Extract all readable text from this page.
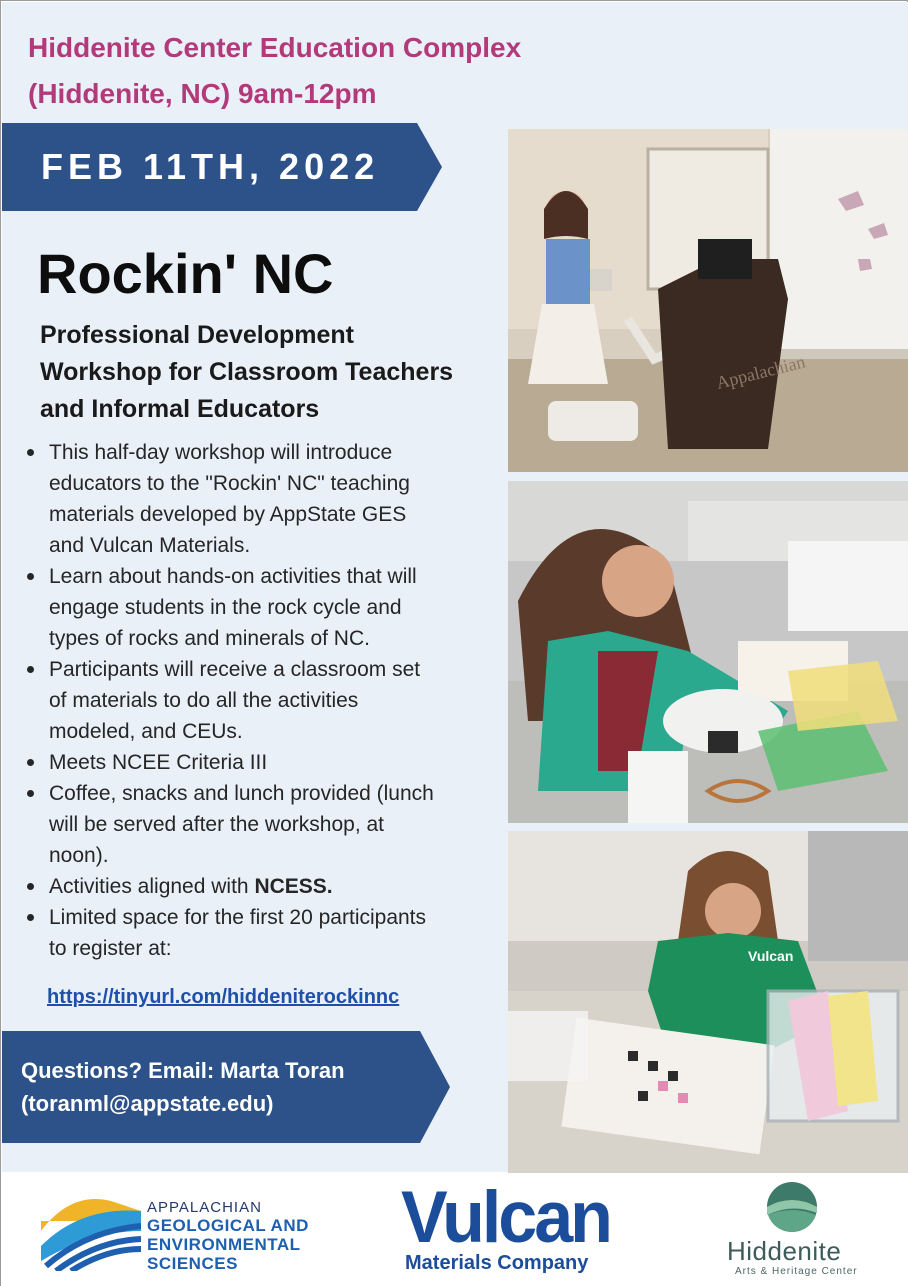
Hiddenite Center Education Complex
(Hiddenite, NC) 9am-12pm
FEB 11TH, 2022
Rockin' NC
Professional Development
Workshop for Classroom Teachers
and Informal Educators
This half-day workshop will introduce
educators to the "Rockin' NC" teaching
materials developed by AppState GES
and Vulcan Materials.
Learn about hands-on activities that will
engage students in the rock cycle and
types of rocks and minerals of NC.
Participants will receive a classroom set
of materials to do all the activities
modeled, and CEUs.
Meets NCEE Criteria III
Coffee, snacks and lunch provided (lunch
will be served after the workshop, at
noon).
Activities aligned with NCESS.
Limited space for the first 20 participants
to register at:
https://tinyurl.com/hiddeniterockinnc
Questions? Email: Marta Toran
(toranml@appstate.edu)
Appalachian
Vulcan
APPALACHIAN
GEOLOGICAL AND
ENVIRONMENTAL
SCIENCES
Vulcan
Materials Company	Hiddenite
Arts & Heritage Center
